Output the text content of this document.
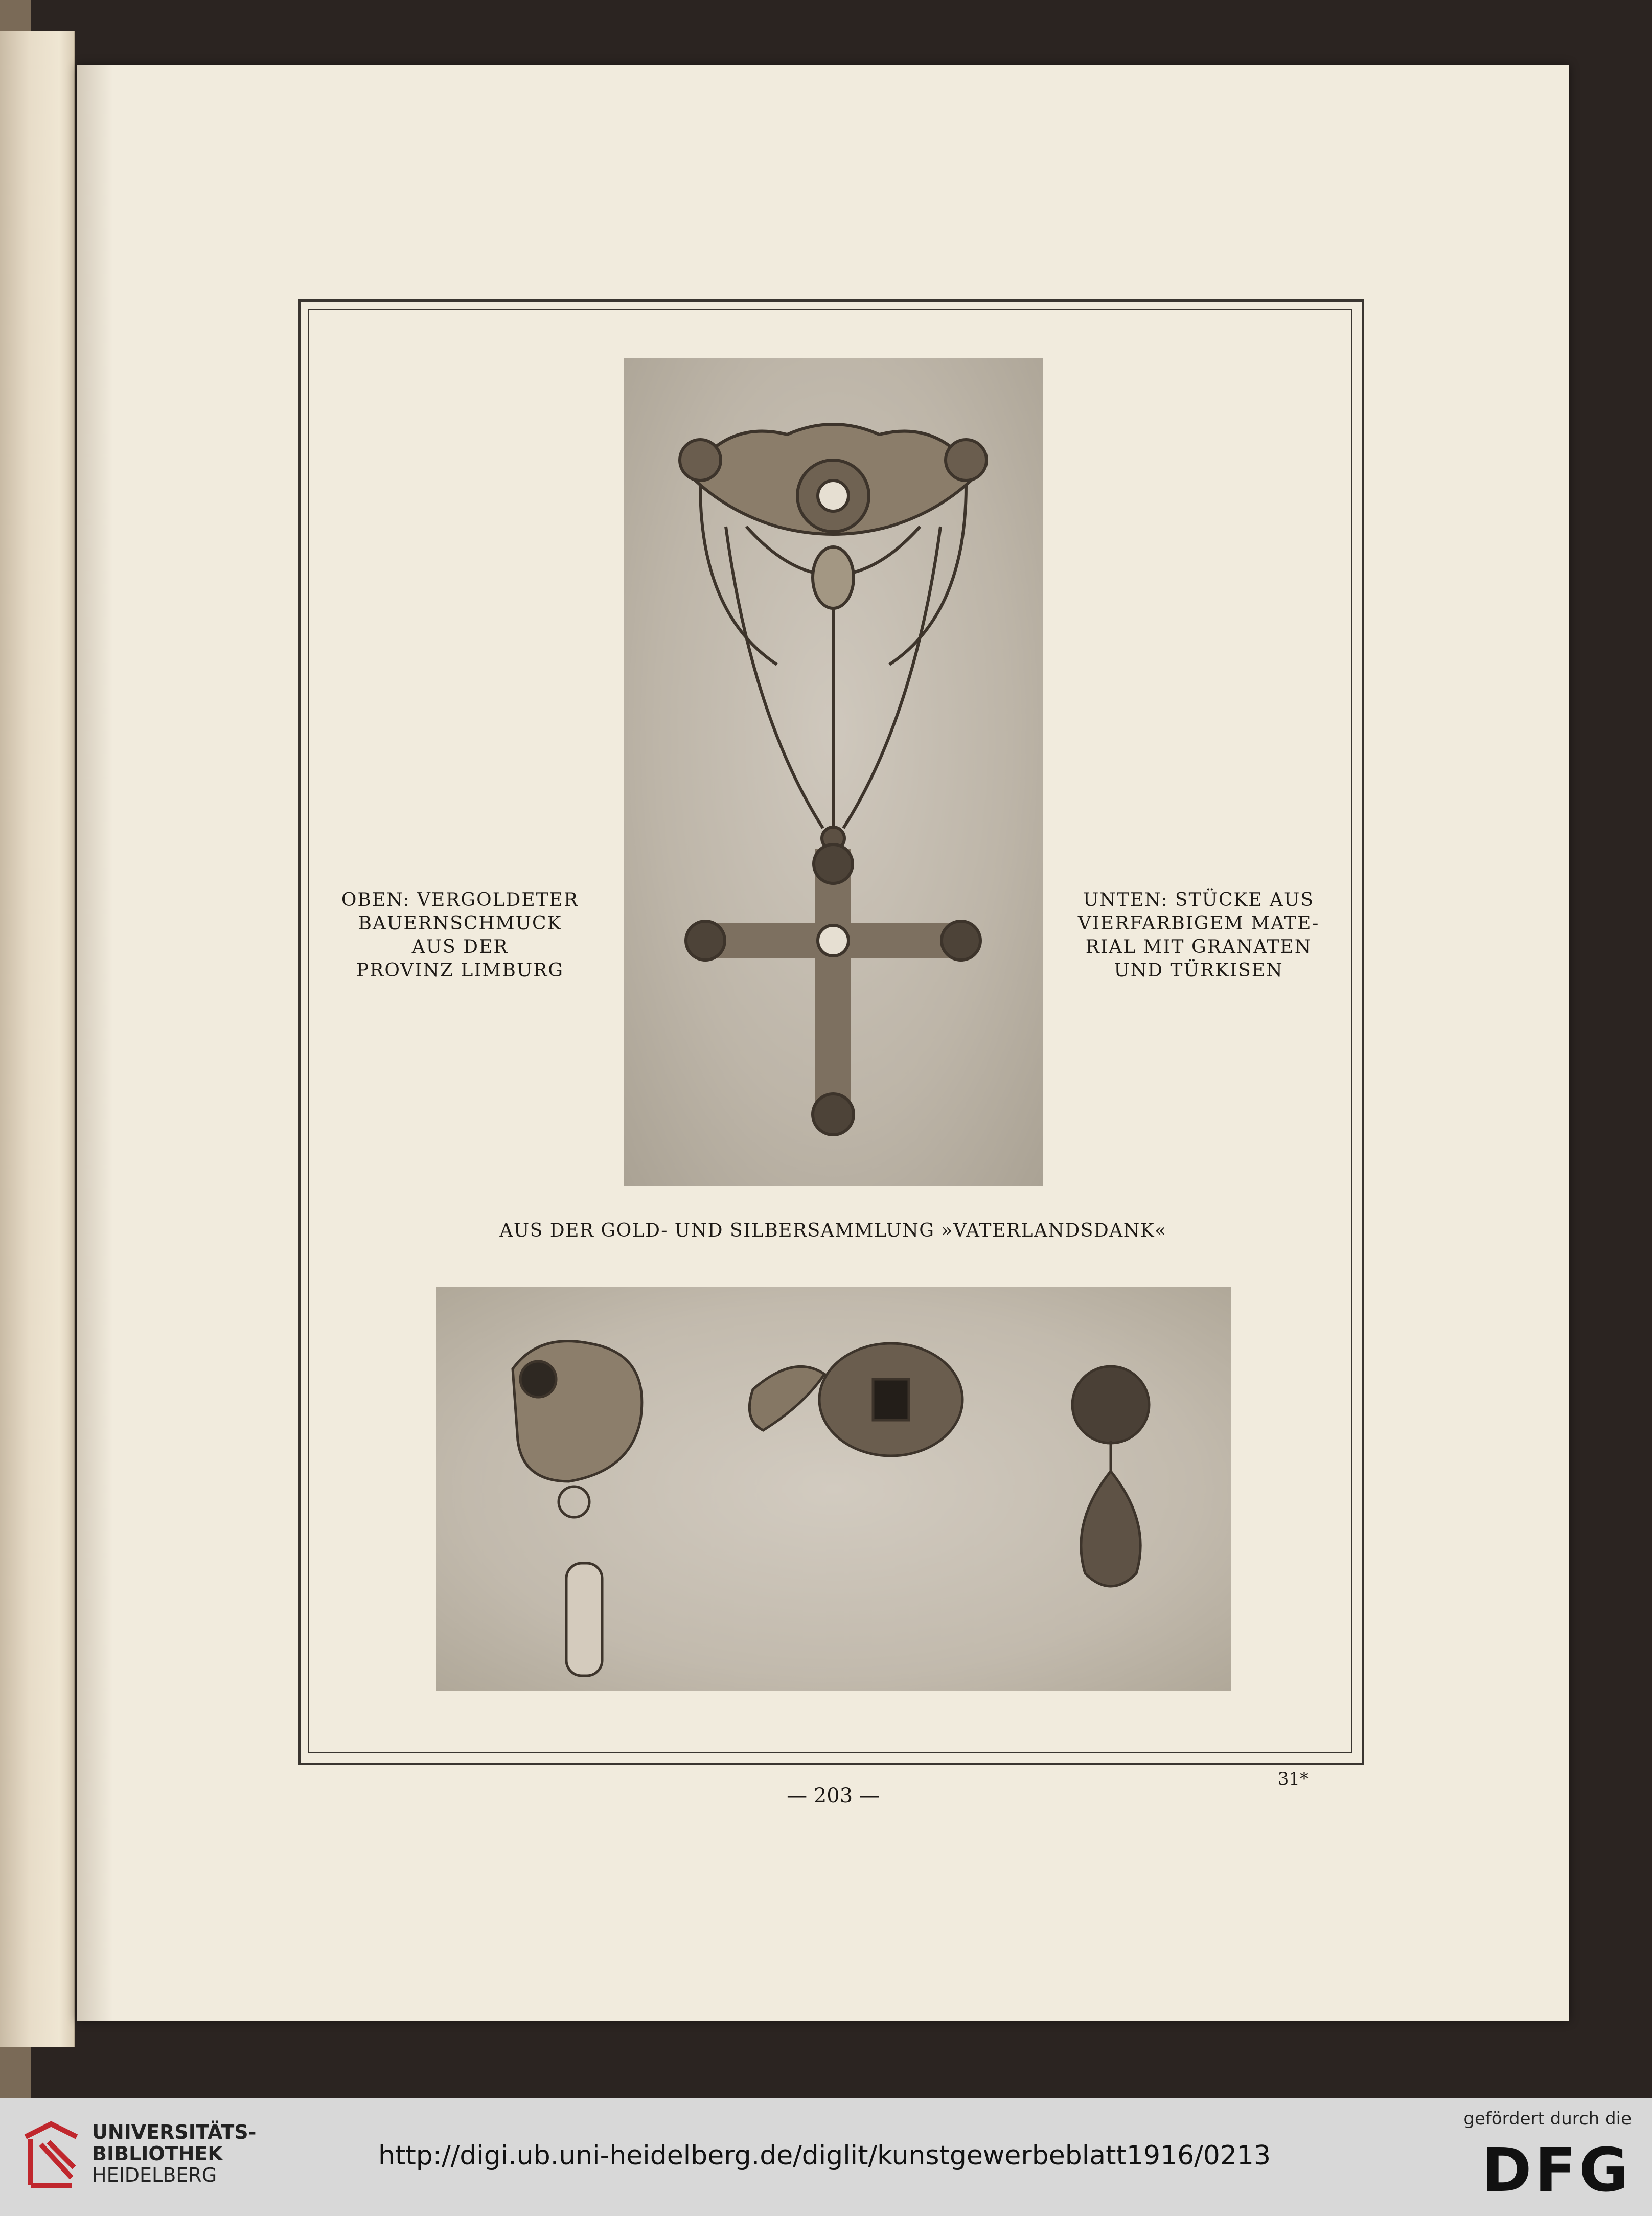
OBEN: VERGOLDETER
BAUERNSCHMUCK
AUS DER
PROVINZ LIMBURG
UNTEN: STÜCKE AUS
VIERFARBIGEM MATE-
RIAL MIT GRANATEN
UND TÜRKISEN
AUS DER GOLD- UND SILBERSAMMLUNG »VATERLANDSDANK«
— 203 —
31*
UNIVERSITÄTS-
BIBLIOTHEK
HEIDELBERG
http://digi.ub.uni-heidelberg.de/diglit/kunstgewerbeblatt1916/0213
gefördert durch die
DFG
